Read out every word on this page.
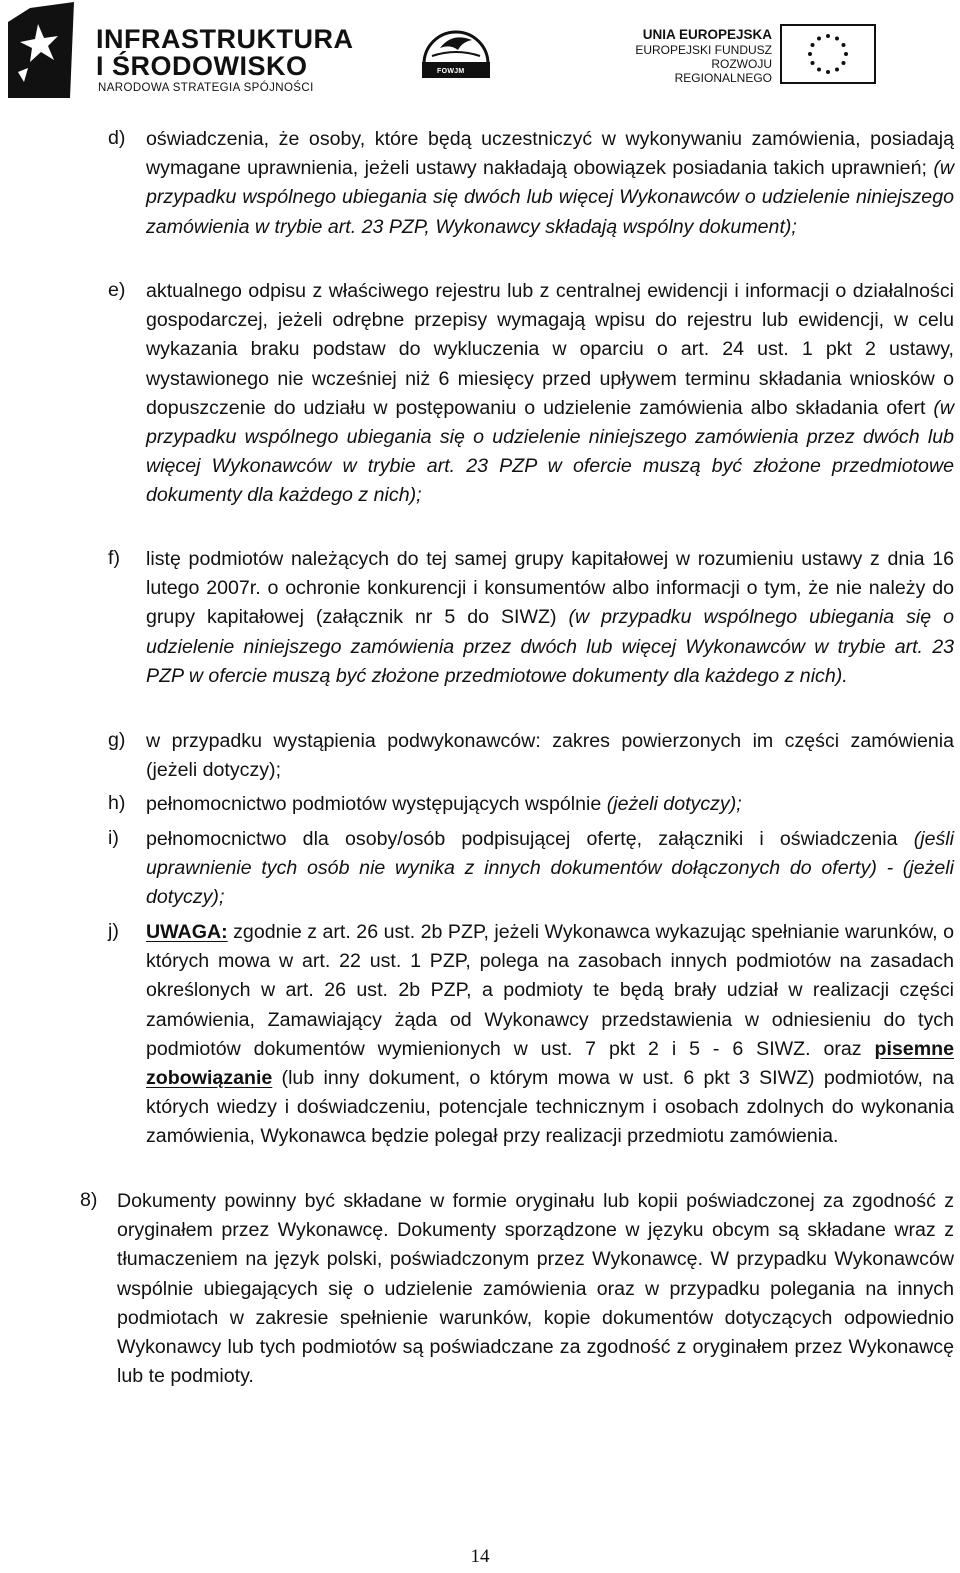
INFRASTRUKTURA
I ŚRODOWISKO
NARODOWA STRATEGIA SPÓJNOŚCI
FOWJM
UNIA EUROPEJSKA
EUROPEJSKI FUNDUSZ
ROZWOJU REGIONALNEGO
d) oświadczenia, że osoby, które będą uczestniczyć w wykonywaniu zamówienia, posiadają wymagane uprawnienia, jeżeli ustawy nakładają obowiązek posiadania takich uprawnień; (w przypadku wspólnego ubiegania się dwóch lub więcej Wykonawców o udzielenie niniejszego zamówienia w trybie art. 23 PZP, Wykonawcy składają wspólny dokument);
e) aktualnego odpisu z właściwego rejestru lub z centralnej ewidencji i informacji o działalności gospodarczej, jeżeli odrębne przepisy wymagają wpisu do rejestru lub ewidencji, w celu wykazania braku podstaw do wykluczenia w oparciu o art. 24 ust. 1 pkt 2 ustawy, wystawionego nie wcześniej niż 6 miesięcy przed upływem terminu składania wniosków o dopuszczenie do udziału w postępowaniu o udzielenie zamówienia albo składania ofert (w przypadku wspólnego ubiegania się o udzielenie niniejszego zamówienia przez dwóch lub więcej Wykonawców w trybie art. 23 PZP w ofercie muszą być złożone przedmiotowe dokumenty dla każdego z nich);
f) listę podmiotów należących do tej samej grupy kapitałowej w rozumieniu ustawy z dnia 16 lutego 2007r. o ochronie konkurencji i konsumentów albo informacji o tym, że nie należy do grupy kapitałowej (załącznik nr 5 do SIWZ) (w przypadku wspólnego ubiegania się o udzielenie niniejszego zamówienia przez dwóch lub więcej Wykonawców w trybie art. 23 PZP w ofercie muszą być złożone przedmiotowe dokumenty dla każdego z nich).
g) w przypadku wystąpienia podwykonawców: zakres powierzonych im części zamówienia (jeżeli dotyczy);
h) pełnomocnictwo podmiotów występujących wspólnie (jeżeli dotyczy);
i) pełnomocnictwo dla osoby/osób podpisującej ofertę, załączniki i oświadczenia (jeśli uprawnienie tych osób nie wynika z innych dokumentów dołączonych do oferty) - (jeżeli dotyczy);
j) UWAGA: zgodnie z art. 26 ust. 2b PZP, jeżeli Wykonawca wykazując spełnianie warunków, o których mowa w art. 22 ust. 1 PZP, polega na zasobach innych podmiotów na zasadach określonych w art. 26 ust. 2b PZP, a podmioty te będą brały udział w realizacji części zamówienia, Zamawiający żąda od Wykonawcy przedstawienia w odniesieniu do tych podmiotów dokumentów wymienionych w ust. 7 pkt 2 i 5 - 6 SIWZ. oraz pisemne zobowiązanie (lub inny dokument, o którym mowa w ust. 6 pkt 3 SIWZ) podmiotów, na których wiedzy i doświadczeniu, potencjale technicznym i osobach zdolnych do wykonania zamówienia, Wykonawca będzie polegał przy realizacji przedmiotu zamówienia.
8) Dokumenty powinny być składane w formie oryginału lub kopii poświadczonej za zgodność z oryginałem przez Wykonawcę. Dokumenty sporządzone w języku obcym są składane wraz z tłumaczeniem na język polski, poświadczonym przez Wykonawcę. W przypadku Wykonawców wspólnie ubiegających się o udzielenie zamówienia oraz w przypadku polegania na innych podmiotach w zakresie spełnienie warunków, kopie dokumentów dotyczących odpowiednio Wykonawcy lub tych podmiotów są poświadczane za zgodność z oryginałem przez Wykonawcę lub te podmioty.
14
